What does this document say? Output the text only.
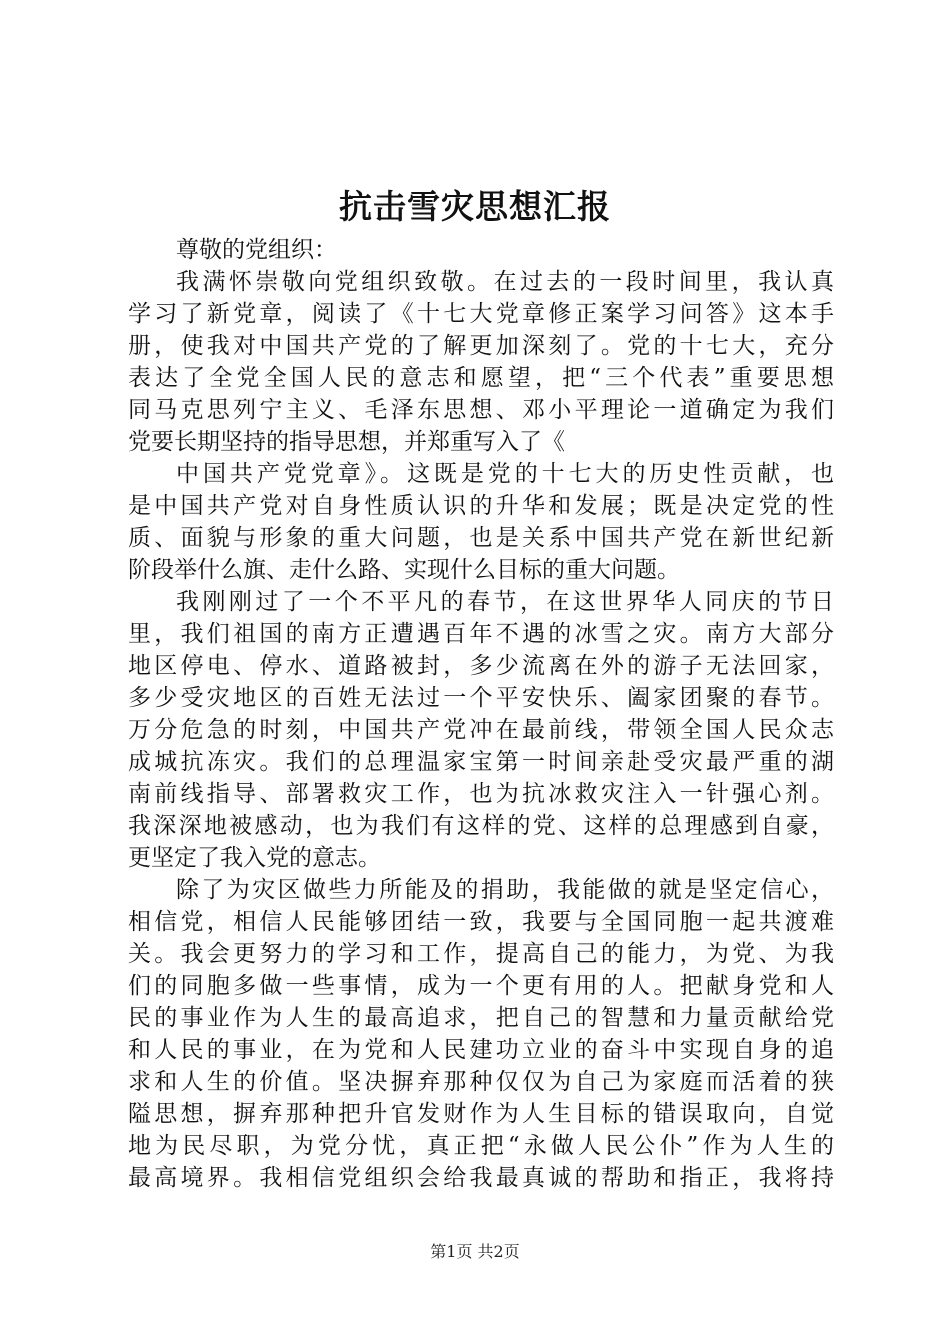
抗击雪灾思想汇报
尊敬的党组织：
我满怀崇敬向党组织致敬。在过去的一段时间里，我认真
学习了新党章，阅读了《十七大党章修正案学习问答》这本手
册，使我对中国共产党的了解更加深刻了。党的十七大，充分
表达了全党全国人民的意志和愿望，把“三个代表”重要思想
同马克思列宁主义、毛泽东思想、邓小平理论一道确定为我们
党要长期坚持的指导思想，并郑重写入了《
中国共产党党章》。这既是党的十七大的历史性贡献，也
是中国共产党对自身性质认识的升华和发展；既是决定党的性
质、面貌与形象的重大问题，也是关系中国共产党在新世纪新
阶段举什么旗、走什么路、实现什么目标的重大问题。
我刚刚过了一个不平凡的春节，在这世界华人同庆的节日
里，我们祖国的南方正遭遇百年不遇的冰雪之灾。南方大部分
地区停电、停水、道路被封，多少流离在外的游子无法回家，
多少受灾地区的百姓无法过一个平安快乐、阖家团聚的春节。
万分危急的时刻，中国共产党冲在最前线，带领全国人民众志
成城抗冻灾。我们的总理温家宝第一时间亲赴受灾最严重的湖
南前线指导、部署救灾工作，也为抗冰救灾注入一针强心剂。
我深深地被感动，也为我们有这样的党、这样的总理感到自豪，
更坚定了我入党的意志。
除了为灾区做些力所能及的捐助，我能做的就是坚定信心，
相信党，相信人民能够团结一致，我要与全国同胞一起共渡难
关。我会更努力的学习和工作，提高自己的能力，为党、为我
们的同胞多做一些事情，成为一个更有用的人。把献身党和人
民的事业作为人生的最高追求，把自己的智慧和力量贡献给党
和人民的事业，在为党和人民建功立业的奋斗中实现自身的追
求和人生的价值。坚决摒弃那种仅仅为自己为家庭而活着的狭
隘思想，摒弃那种把升官发财作为人生目标的错误取向，自觉
地为民尽职，为党分忧，真正把“永做人民公仆”作为人生的
最高境界。我相信党组织会给我最真诚的帮助和指正，我将持
第1页 共2页
